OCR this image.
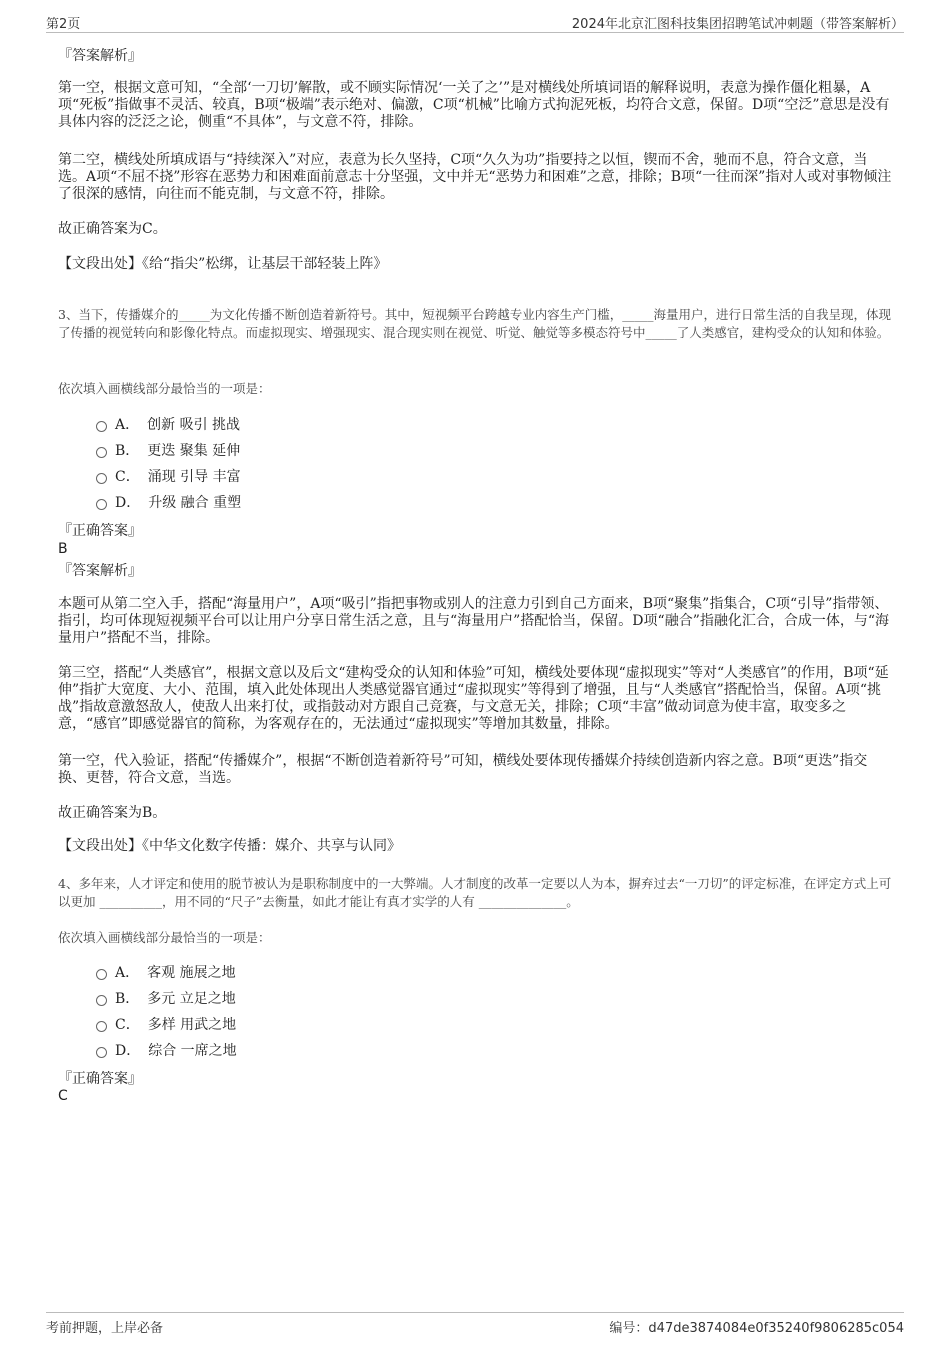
第2页	2024年北京汇图科技集团招聘笔试冲刺题（带答案解析）

『答案解析』

第一空，根据文意可知，“全部‘一刀切’解散，或不顾实际情况‘一关了之’”是对横线处所填词语的解释说明，表意为操作僵化粗暴，A项“死板”指做事不灵活、较真，B项“极端”表示绝对、偏激，C项“机械”比喻方式拘泥死板，均符合文意，保留。D项“空泛”意思是没有具体内容的泛泛之论，侧重“不具体”，与文意不符，排除。

第二空，横线处所填成语与“持续深入”对应，表意为长久坚持，C项“久久为功”指要持之以恒，锲而不舍，驰而不息，符合文意，当选。A项“不屈不挠”形容在恶势力和困难面前意志十分坚强，文中并无“恶势力和困难”之意，排除；B项“一往而深”指对人或对事物倾注了很深的感情，向往而不能克制，与文意不符，排除。

故正确答案为C。

【文段出处】《给“指尖”松绑，让基层干部轻装上阵》

3、当下，传播媒介的_____为文化传播不断创造着新符号。其中，短视频平台跨越专业内容生产门槛，_____海量用户，进行日常生活的自我呈现，体现了传播的视觉转向和影像化特点。而虚拟现实、增强现实、混合现实则在视觉、听觉、触觉等多模态符号中_____了人类感官，建构受众的认知和体验。

依次填入画横线部分最恰当的一项是：

A． 创新 吸引 挑战
B． 更迭 聚集 延伸
C． 涌现 引导 丰富
D． 升级 融合 重塑

『正确答案』

B

『答案解析』

本题可从第二空入手，搭配“海量用户”，A项“吸引”指把事物或别人的注意力引到自己方面来，B项“聚集”指集合，C项“引导”指带领、指引，均可体现短视频平台可以让用户分享日常生活之意，且与“海量用户”搭配恰当，保留。D项“融合”指融化汇合，合成一体，与“海量用户”搭配不当，排除。

第三空，搭配“人类感官”，根据文意以及后文“建构受众的认知和体验”可知，横线处要体现“虚拟现实”等对“人类感官”的作用，B项“延伸”指扩大宽度、大小、范围，填入此处体现出人类感觉器官通过“虚拟现实”等得到了增强，且与“人类感官”搭配恰当，保留。A项“挑战”指故意激怒敌人，使敌人出来打仗，或指鼓动对方跟自己竞赛，与文意无关，排除；C项“丰富”做动词意为使丰富，取变多之意，“感官”即感觉器官的简称，为客观存在的，无法通过“虚拟现实”等增加其数量，排除。

第一空，代入验证，搭配“传播媒介”，根据“不断创造着新符号”可知，横线处要体现传播媒介持续创造新内容之意。B项“更迭”指交换、更替，符合文意，当选。

故正确答案为B。

【文段出处】《中华文化数字传播：媒介、共享与认同》

4、多年来，人才评定和使用的脱节被认为是职称制度中的一大弊端。人才制度的改革一定要以人为本，摒弃过去“一刀切”的评定标准，在评定方式上可以更加 __________，用不同的“尺子”去衡量，如此才能让有真才实学的人有 ______________。

依次填入画横线部分最恰当的一项是：

A． 客观 施展之地
B． 多元 立足之地
C． 多样 用武之地
D． 综合 一席之地

『正确答案』

C

考前押题，上岸必备	编号：d47de3874084e0f35240f9806285c054
